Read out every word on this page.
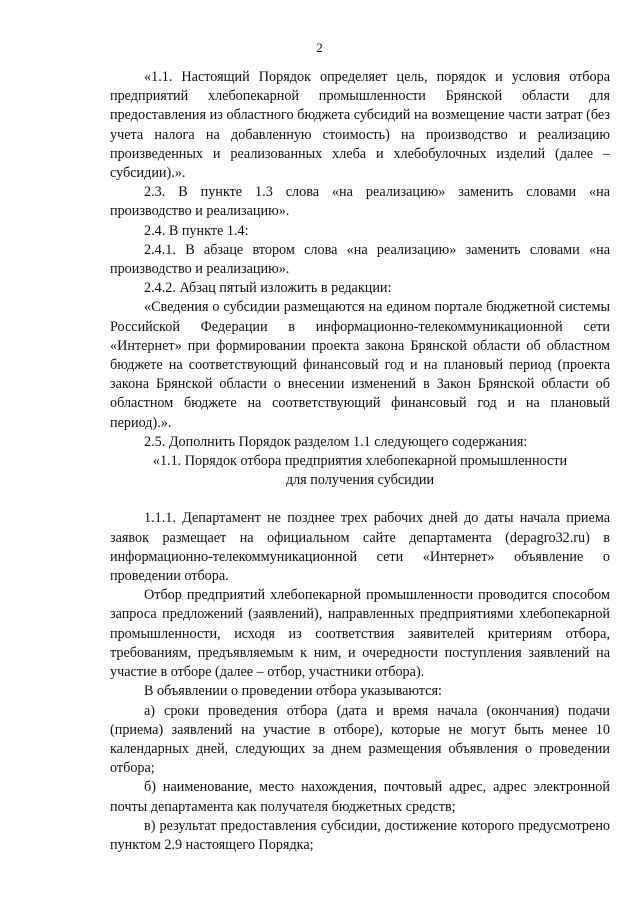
2

«1.1. Настоящий Порядок определяет цель, порядок и условия отбора предприятий хлебопекарной промышленности Брянской области для предоставления из областного бюджета субсидий на возмещение части затрат (без учета налога на добавленную стоимость) на производство и реализацию произведенных и реализованных хлеба и хлебобулочных изделий (далее – субсидии).».

2.3. В пункте 1.3 слова «на реализацию» заменить словами «на производство и реализацию».

2.4. В пункте 1.4:

2.4.1. В абзаце втором слова «на реализацию» заменить словами «на производство и реализацию».

2.4.2. Абзац пятый изложить в редакции:

«Сведения о субсидии размещаются на едином портале бюджетной системы Российской Федерации в информационно-телекоммуникационной сети «Интернет» при формировании проекта закона Брянской области об областном бюджете на соответствующий финансовый год и на плановый период (проекта закона Брянской области о внесении изменений в Закон Брянской области об областном бюджете на соответствующий финансовый год и на плановый период).».

2.5. Дополнить Порядок разделом 1.1 следующего содержания:

«1.1. Порядок отбора предприятия хлебопекарной промышленности

для получения субсидии

1.1.1. Департамент не позднее трех рабочих дней до даты начала приема заявок размещает на официальном сайте департамента (depagro32.ru) в информационно-телекоммуникационной сети «Интернет» объявление о проведении отбора.

Отбор предприятий хлебопекарной промышленности проводится способом запроса предложений (заявлений), направленных предприятиями хлебопекарной промышленности, исходя из соответствия заявителей критериям отбора, требованиям, предъявляемым к ним, и очередности поступления заявлений на участие в отборе (далее – отбор, участники отбора).

В объявлении о проведении отбора указываются:

а) сроки проведения отбора (дата и время начала (окончания) подачи (приема) заявлений на участие в отборе), которые не могут быть менее 10 календарных дней, следующих за днем размещения объявления о проведении отбора;

б) наименование, место нахождения, почтовый адрес, адрес электронной почты департамента как получателя бюджетных средств;

в) результат предоставления субсидии, достижение которого предусмотрено пунктом 2.9 настоящего Порядка;
